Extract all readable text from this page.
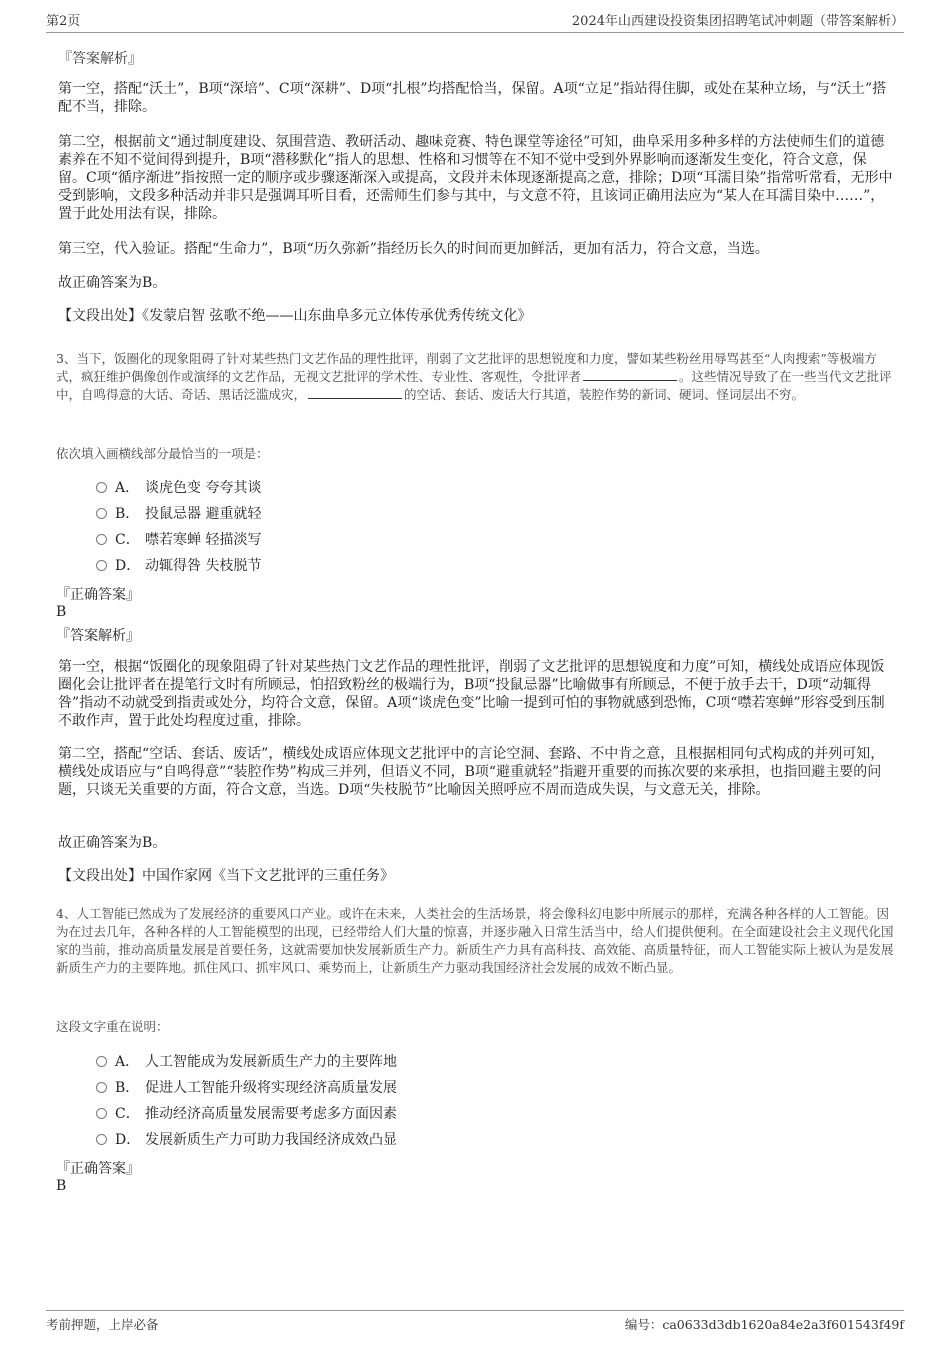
第2页	2024年山西建设投资集团招聘笔试冲刺题（带答案解析）
『答案解析』
第一空，搭配“沃土”，B项“深培”、C项“深耕”、D项“扎根”均搭配恰当，保留。A项“立足”指站得住脚，或处在某种立场，与“沃土”搭配不当，排除。
第二空，根据前文“通过制度建设、氛围营造、教研活动、趣味竞赛、特色课堂等途径”可知，曲阜采用多种多样的方法使师生们的道德素养在不知不觉间得到提升，B项“潜移默化”指人的思想、性格和习惯等在不知不觉中受到外界影响而逐渐发生变化，符合文意，保留。C项“循序渐进”指按照一定的顺序或步骤逐渐深入或提高，文段并未体现逐渐提高之意，排除；D项“耳濡目染”指常听常看，无形中受到影响，文段多种活动并非只是强调耳听目看，还需师生们参与其中，与文意不符，且该词正确用法应为“某人在耳濡目染中……”，置于此处用法有误，排除。
第三空，代入验证。搭配“生命力”，B项“历久弥新”指经历长久的时间而更加鲜活，更加有活力，符合文意，当选。
故正确答案为B。
【文段出处】《发蒙启智 弦歌不绝——山东曲阜多元立体传承优秀传统文化》
3、当下，饭圈化的现象阻碍了针对某些热门文艺作品的理性批评，削弱了文艺批评的思想锐度和力度，譬如某些粉丝用辱骂甚至“人肉搜索”等极端方式，疯狂维护偶像创作或演绎的文艺作品，无视文艺批评的学术性、专业性、客观性，令批评者	。这些情况导致了在一些当代文艺批评中，自鸣得意的大话、奇话、黑话泛滥成灾，	的空话、套话、废话大行其道，装腔作势的新词、硬词、怪词层出不穷。
依次填入画横线部分最恰当的一项是：
A． 谈虎色变 夸夸其谈
B． 投鼠忌器 避重就轻
C． 噤若寒蝉 轻描淡写
D． 动辄得咎 失枝脱节
『正确答案』
B
『答案解析』
第一空，根据“饭圈化的现象阻碍了针对某些热门文艺作品的理性批评，削弱了文艺批评的思想锐度和力度”可知，横线处成语应体现饭圈化会让批评者在提笔行文时有所顾忌，怕招致粉丝的极端行为，B项“投鼠忌器”比喻做事有所顾忌，不便于放手去干，D项“动辄得咎”指动不动就受到指责或处分，均符合文意，保留。A项“谈虎色变”比喻一提到可怕的事物就感到恐怖，C项“噤若寒蝉”形容受到压制不敢作声，置于此处均程度过重，排除。
第二空，搭配“空话、套话、废话”，横线处成语应体现文艺批评中的言论空洞、套路、不中肯之意，且根据相同句式构成的并列可知，横线处成语应与“自鸣得意”“装腔作势”构成三并列，但语义不同，B项“避重就轻”指避开重要的而拣次要的来承担，也指回避主要的问题，只谈无关重要的方面，符合文意，当选。D项“失枝脱节”比喻因关照呼应不周而造成失误，与文意无关，排除。
故正确答案为B。
【文段出处】中国作家网《当下文艺批评的三重任务》
4、人工智能已然成为了发展经济的重要风口产业。或许在未来，人类社会的生活场景，将会像科幻电影中所展示的那样，充满各种各样的人工智能。因为在过去几年，各种各样的人工智能模型的出现，已经带给人们大量的惊喜，并逐步融入日常生活当中，给人们提供便利。在全面建设社会主义现代化国家的当前，推动高质量发展是首要任务，这就需要加快发展新质生产力。新质生产力具有高科技、高效能、高质量特征，而人工智能实际上被认为是发展新质生产力的主要阵地。抓住风口、抓牢风口、乘势而上，让新质生产力驱动我国经济社会发展的成效不断凸显。
这段文字重在说明：
A． 人工智能成为发展新质生产力的主要阵地
B． 促进人工智能升级将实现经济高质量发展
C． 推动经济高质量发展需要考虑多方面因素
D． 发展新质生产力可助力我国经济成效凸显
『正确答案』
B
考前押题，上岸必备	编号：ca0633d3db1620a84e2a3f601543f49f
